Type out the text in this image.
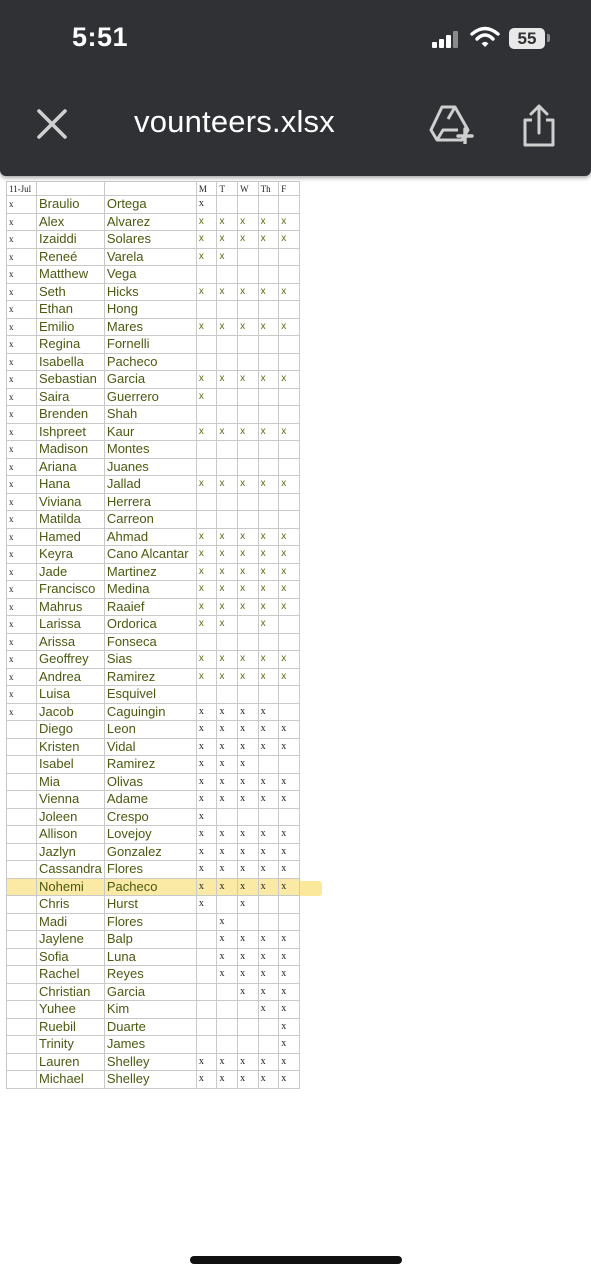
5:51	55
vounteers.xlsx
11-Jul			M	T	W	Th	F
x	Braulio	Ortega	x				
x	Alex	Alvarez	x	x	x	x	x
x	Izaiddi	Solares	x	x	x	x	x
x	Reneé	Varela	x	x			
x	Matthew	Vega					
x	Seth	Hicks	x	x	x	x	x
x	Ethan	Hong					
x	Emilio	Mares	x	x	x	x	x
x	Regina	Fornelli					
x	Isabella	Pacheco					
x	Sebastian	Garcia	x	x	x	x	x
x	Saira	Guerrero	x				
x	Brenden	Shah					
x	Ishpreet	Kaur	x	x	x	x	x
x	Madison	Montes					
x	Ariana	Juanes					
x	Hana	Jallad	x	x	x	x	x
x	Viviana	Herrera					
x	Matilda	Carreon					
x	Hamed	Ahmad	x	x	x	x	x
x	Keyra	Cano Alcantar	x	x	x	x	x
x	Jade	Martinez	x	x	x	x	x
x	Francisco	Medina	x	x	x	x	x
x	Mahrus	Raaief	x	x	x	x	x
x	Larissa	Ordorica	x	x		x	
x	Arissa	Fonseca					
x	Geoffrey	Sias	x	x	x	x	x
x	Andrea	Ramirez	x	x	x	x	x
x	Luisa	Esquivel					
x	Jacob	Caguingin	x	x	x	x	
	Diego	Leon	x	x	x	x	x
	Kristen	Vidal	x	x	x	x	x
	Isabel	Ramirez	x	x	x		
	Mia	Olivas	x	x	x	x	x
	Vienna	Adame	x	x	x	x	x
	Joleen	Crespo	x				
	Allison	Lovejoy	x	x	x	x	x
	Jazlyn	Gonzalez	x	x	x	x	x
	Cassandra	Flores	x	x	x	x	x
	Nohemi	Pacheco	x	x	x	x	x
	Chris	Hurst	x		x		
	Madi	Flores		x			
	Jaylene	Balp		x	x	x	x
	Sofia	Luna		x	x	x	x
	Rachel	Reyes		x	x	x	x
	Christian	Garcia			x	x	x
	Yuhee	Kim				x	x
	Ruebil	Duarte					x
	Trinity	James					x
	Lauren	Shelley	x	x	x	x	x
	Michael	Shelley	x	x	x	x	x
